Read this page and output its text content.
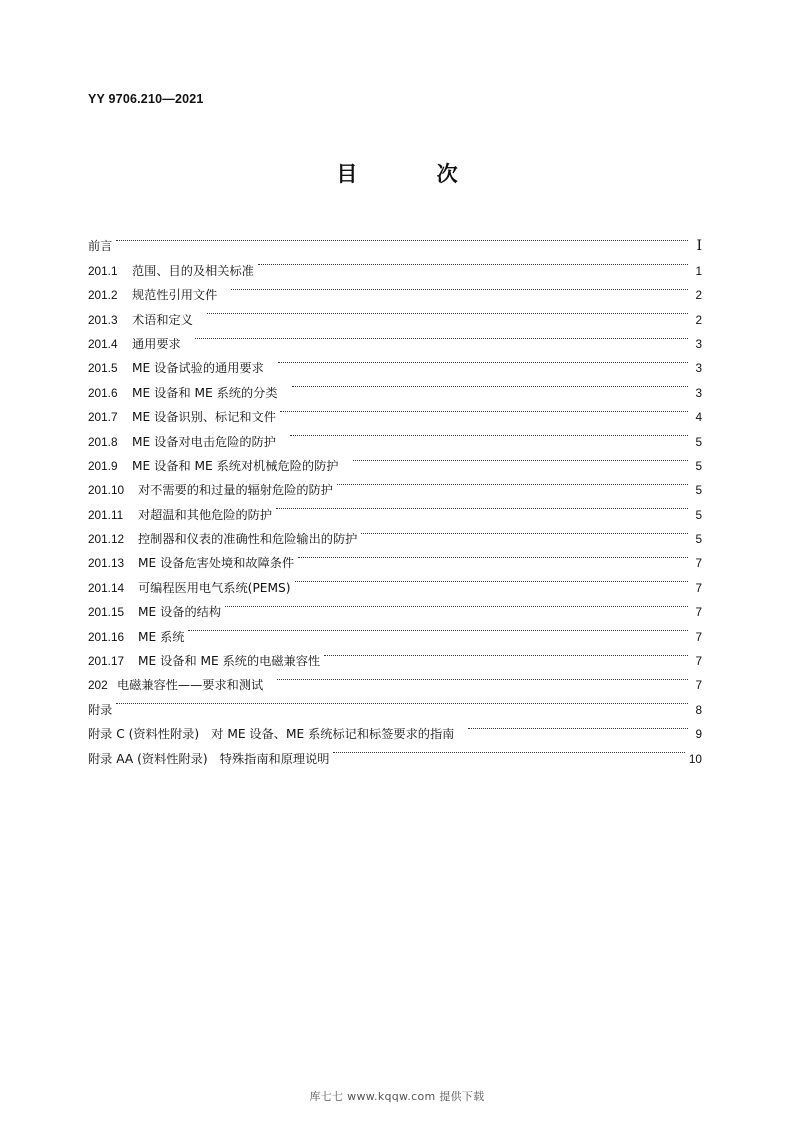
YY 9706.210—2021
目 次
前言	Ⅰ
201.1	范围、目的及相关标准	1
201.2	规范性引用文件	2
201.3	术语和定义	2
201.4	通用要求	3
201.5	ME 设备试验的通用要求	3
201.6	ME 设备和 ME 系统的分类	3
201.7	ME 设备识别、标记和文件	4
201.8	ME 设备对电击危险的防护	5
201.9	ME 设备和 ME 系统对机械危险的防护	5
201.10	对不需要的和过量的辐射危险的防护	5
201.11	对超温和其他危险的防护	5
201.12	控制器和仪表的准确性和危险输出的防护	5
201.13	ME 设备危害处境和故障条件	7
201.14	可编程医用电气系统(PEMS)	7
201.15	ME 设备的结构	7
201.16	ME 系统	7
201.17	ME 设备和 ME 系统的电磁兼容性	7
202 电磁兼容性——要求和测试	7
附录	8
附录 C (资料性附录)　对 ME 设备、ME 系统标记和标签要求的指南	9
附录 AA (资料性附录)　特殊指南和原理说明	10
库七七 www.kqqw.com 提供下载
